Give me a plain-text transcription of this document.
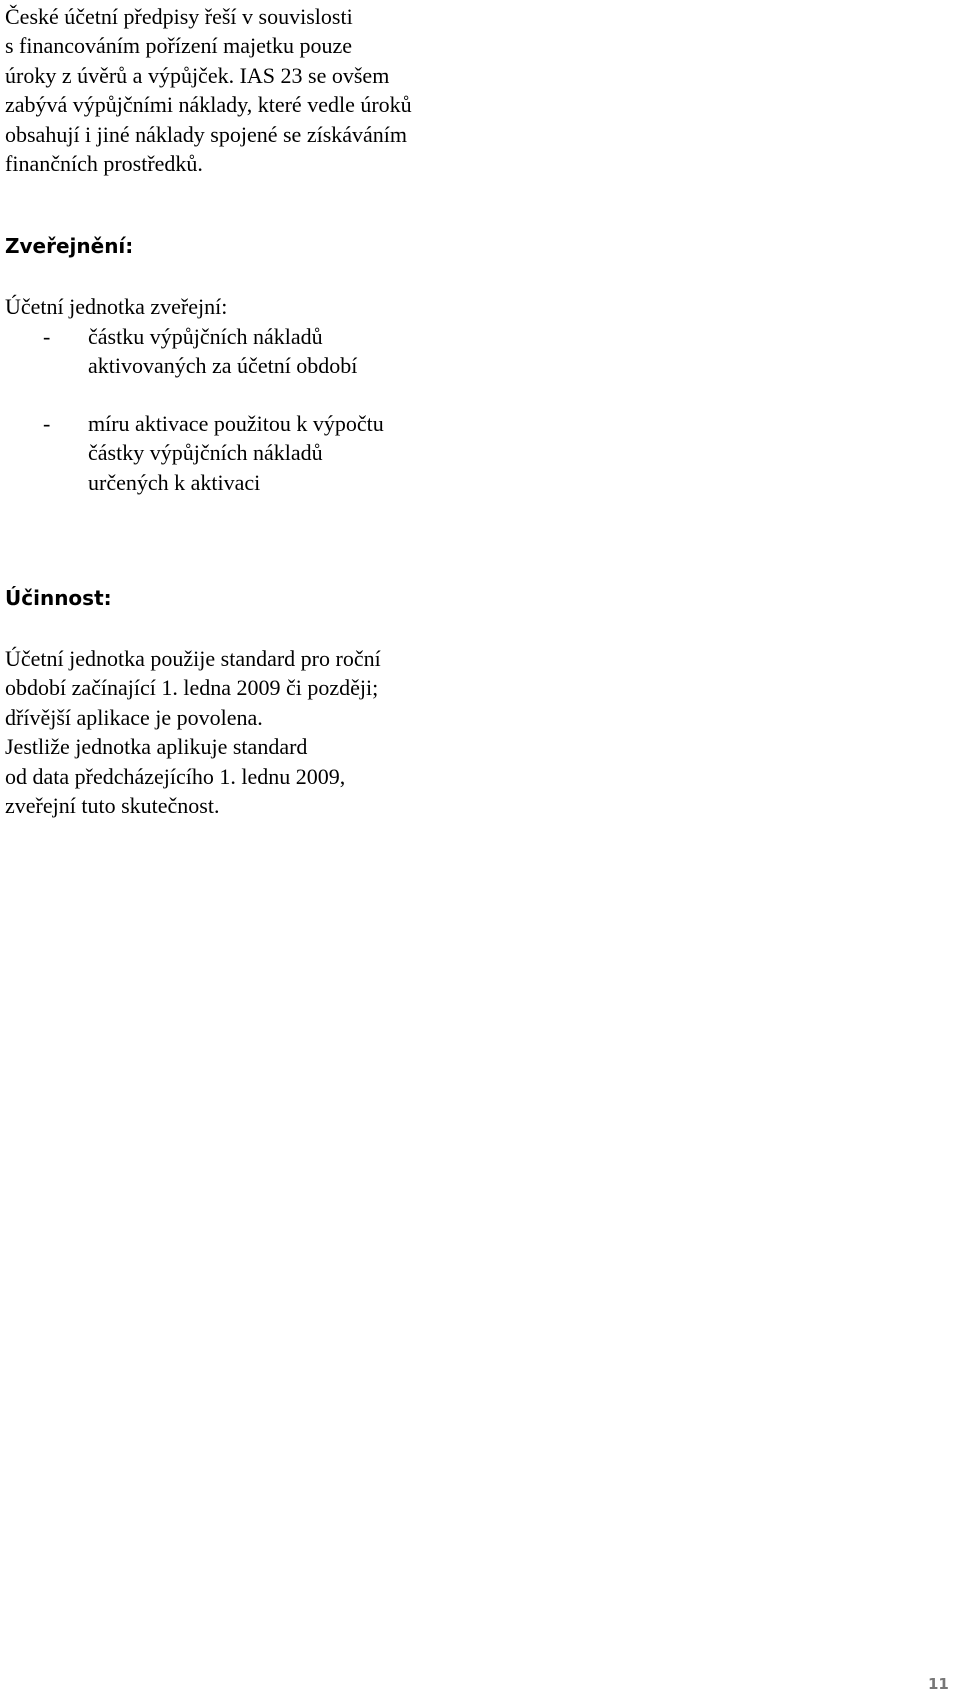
České účetní předpisy řeší v souvislosti
s financováním pořízení majetku pouze
úroky z úvěrů a výpůjček. IAS 23 se ovšem
zabývá výpůjčními náklady, které vedle úroků
obsahují i jiné náklady spojené se získáváním
finančních prostředků.
Zveřejnění:
Účetní jednotka zveřejní:
- částku výpůjčních nákladů
aktivovaných za účetní období
- míru aktivace použitou k výpočtu
částky výpůjčních nákladů
určených k aktivaci
Účinnost:
Účetní jednotka použije standard pro roční
období začínající 1. ledna 2009 či později;
dřívější aplikace je povolena.
Jestliže jednotka aplikuje standard
od data předcházejícího 1. lednu 2009,
zveřejní tuto skutečnost.
11
